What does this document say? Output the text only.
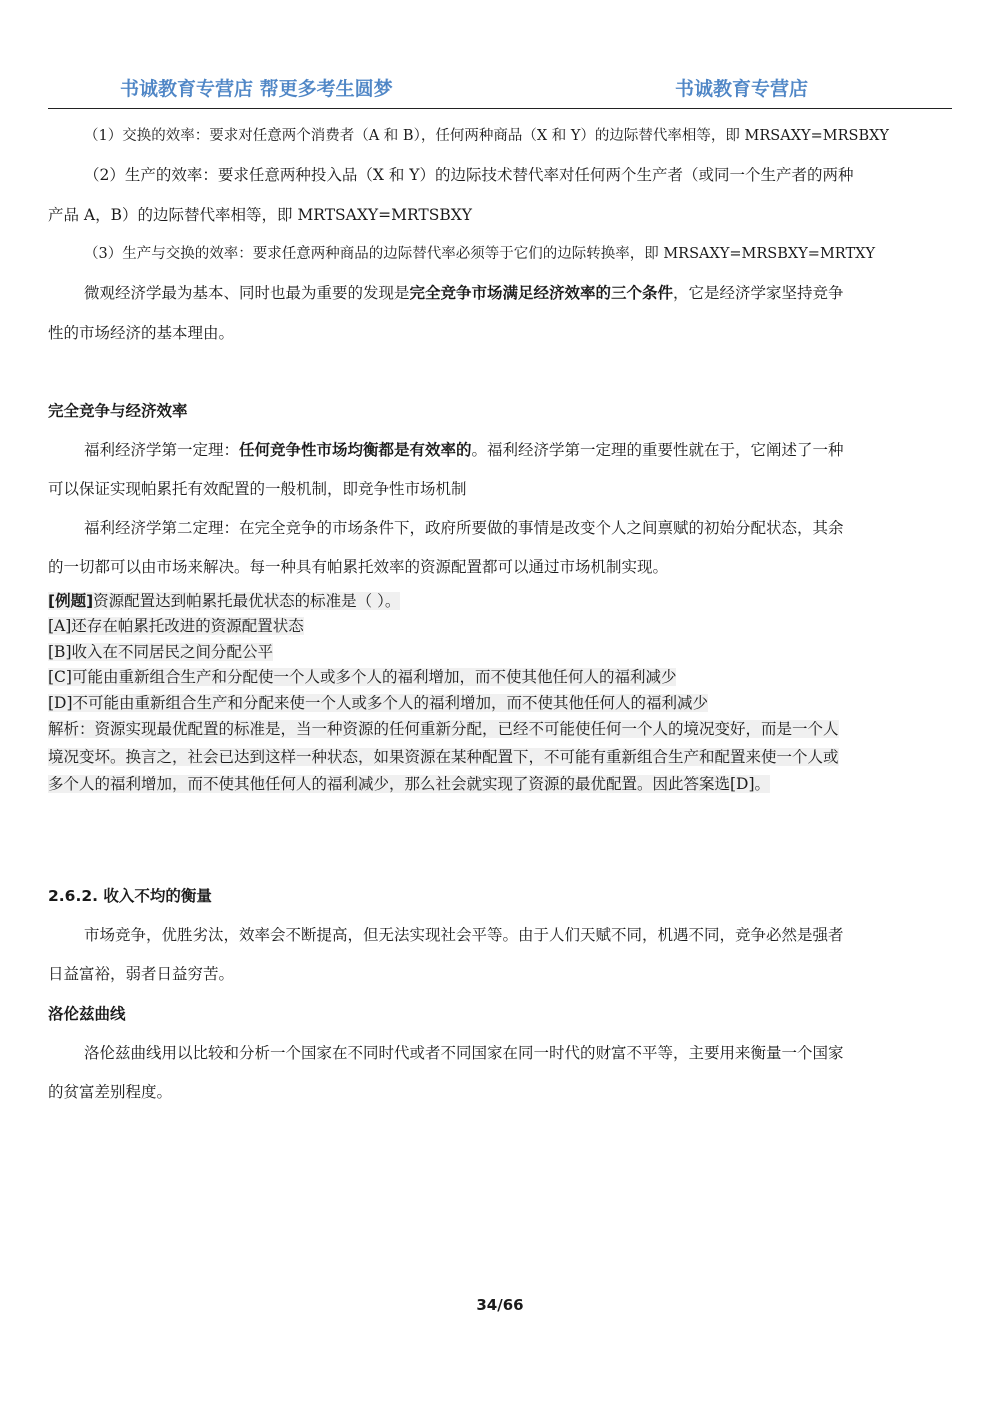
书诚教育专营店 帮更多考生圆梦	书诚教育专营店
（1）交换的效率：要求对任意两个消费者（A 和 B），任何两种商品（X 和 Y）的边际替代率相等，即 MRSAXY=MRSBXY
（2）生产的效率：要求任意两种投入品（X 和 Y）的边际技术替代率对任何两个生产者（或同一个生产者的两种
产品 A，B）的边际替代率相等，即 MRTSAXY=MRTSBXY
（3）生产与交换的效率：要求任意两种商品的边际替代率必须等于它们的边际转换率，即 MRSAXY=MRSBXY=MRTXY
微观经济学最为基本、同时也最为重要的发现是完全竞争市场满足经济效率的三个条件，它是经济学家坚持竞争
性的市场经济的基本理由。
完全竞争与经济效率
福利经济学第一定理：任何竞争性市场均衡都是有效率的。福利经济学第一定理的重要性就在于，它阐述了一种
可以保证实现帕累托有效配置的一般机制，即竞争性市场机制
福利经济学第二定理：在完全竞争的市场条件下，政府所要做的事情是改变个人之间禀赋的初始分配状态，其余
的一切都可以由市场来解决。每一种具有帕累托效率的资源配置都可以通过市场机制实现。
[例题]资源配置达到帕累托最优状态的标准是（ ）。
[A]还存在帕累托改进的资源配置状态
[B]收入在不同居民之间分配公平
[C]可能由重新组合生产和分配使一个人或多个人的福利增加，而不使其他任何人的福利减少
[D]不可能由重新组合生产和分配来使一个人或多个人的福利增加，而不使其他任何人的福利减少
解析：资源实现最优配置的标准是，当一种资源的任何重新分配，已经不可能使任何一个人的境况变好，而是一个人
境况变坏。换言之，社会已达到这样一种状态，如果资源在某种配置下，不可能有重新组合生产和配置来使一个人或
多个人的福利增加，而不使其他任何人的福利减少，那么社会就实现了资源的最优配置。因此答案选[D]。
2.6.2. 收入不均的衡量
市场竞争，优胜劣汰，效率会不断提高，但无法实现社会平等。由于人们天赋不同，机遇不同，竞争必然是强者
日益富裕，弱者日益穷苦。
洛伦兹曲线
洛伦兹曲线用以比较和分析一个国家在不同时代或者不同国家在同一时代的财富不平等，主要用来衡量一个国家
的贫富差别程度。
34/66
